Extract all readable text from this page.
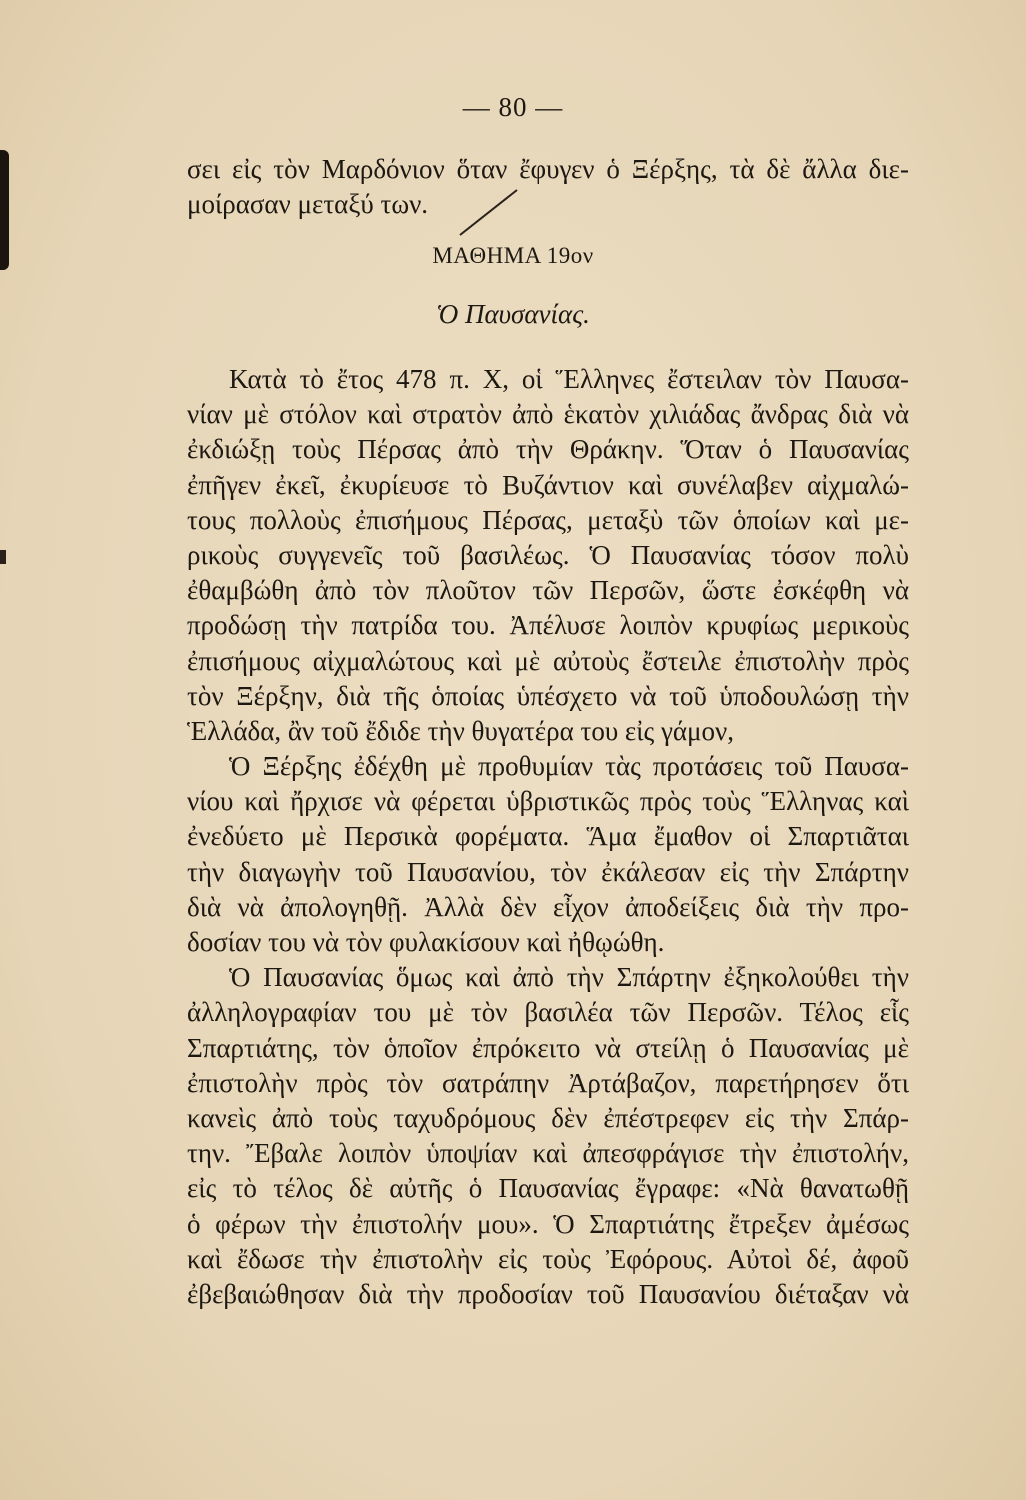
— 80 —
σει εἰς τὸν Μαρδόνιον ὅταν ἔφυγεν ὁ Ξέρξης, τὰ δὲ ἄλλα διε-
μοίρασαν μεταξύ των.
ΜΑΘΗΜΑ 19ον
Ὁ Παυσανίας.
Κατὰ τὸ ἔτος 478 π. Χ, οἱ Ἕλληνες ἔστειλαν τὸν Παυσα-
νίαν μὲ στόλον καὶ στρατὸν ἀπὸ ἑκατὸν χιλιάδας ἄνδρας διὰ νὰ
ἐκδιώξῃ τοὺς Πέρσας ἀπὸ τὴν Θράκην. Ὅταν ὁ Παυσανίας
ἐπῆγεν ἐκεῖ, ἐκυρίευσε τὸ Βυζάντιον καὶ συνέλαβεν αἰχμαλώ-
τους πολλοὺς ἐπισήμους Πέρσας, μεταξὺ τῶν ὁποίων καὶ με-
ρικοὺς συγγενεῖς τοῦ βασιλέως. Ὁ Παυσανίας τόσον πολὺ
ἐθαμβώθη ἀπὸ τὸν πλοῦτον τῶν Περσῶν, ὥστε ἐσκέφθη νὰ
προδώσῃ τὴν πατρίδα του. Ἀπέλυσε λοιπὸν κρυφίως μερικοὺς
ἐπισήμους αἰχμαλώτους καὶ μὲ αὐτοὺς ἔστειλε ἐπιστολὴν πρὸς
τὸν Ξέρξην, διὰ τῆς ὁποίας ὑπέσχετο νὰ τοῦ ὑποδουλώσῃ τὴν
Ἑλλάδα, ἂν τοῦ ἔδιδε τὴν θυγατέρα του εἰς γάμον,
Ὁ Ξέρξης ἐδέχθη μὲ προθυμίαν τὰς προτάσεις τοῦ Παυσα-
νίου καὶ ἤρχισε νὰ φέρεται ὑβριστικῶς πρὸς τοὺς Ἕλληνας καὶ
ἐνεδύετο μὲ Περσικὰ φορέματα. Ἅμα ἔμαθον οἱ Σπαρτιᾶται
τὴν διαγωγὴν τοῦ Παυσανίου, τὸν ἐκάλεσαν εἰς τὴν Σπάρτην
διὰ νὰ ἀπολογηθῇ. Ἀλλὰ δὲν εἶχον ἀποδείξεις διὰ τὴν προ-
δοσίαν του νὰ τὸν φυλακίσουν καὶ ἠθῳώθη.
Ὁ Παυσανίας ὅμως καὶ ἀπὸ τὴν Σπάρτην ἐξηκολούθει τὴν
ἀλληλογραφίαν του μὲ τὸν βασιλέα τῶν Περσῶν. Τέλος εἷς
Σπαρτιάτης, τὸν ὁποῖον ἐπρόκειτο νὰ στείλῃ ὁ Παυσανίας μὲ
ἐπιστολὴν πρὸς τὸν σατράπην Ἀρτάβαζον, παρετήρησεν ὅτι
κανεὶς ἀπὸ τοὺς ταχυδρόμους δὲν ἐπέστρεφεν εἰς τὴν Σπάρ-
την. Ἔβαλε λοιπὸν ὑποψίαν καὶ ἀπεσφράγισε τὴν ἐπιστολήν,
εἰς τὸ τέλος δὲ αὐτῆς ὁ Παυσανίας ἔγραφε: «Νὰ θανατωθῇ
ὁ φέρων τὴν ἐπιστολήν μου». Ὁ Σπαρτιάτης ἔτρεξεν ἀμέσως
καὶ ἔδωσε τὴν ἐπιστολὴν εἰς τοὺς Ἐφόρους. Αὐτοὶ δέ, ἀφοῦ
ἐβεβαιώθησαν διὰ τὴν προδοσίαν τοῦ Παυσανίου διέταξαν νὰ
